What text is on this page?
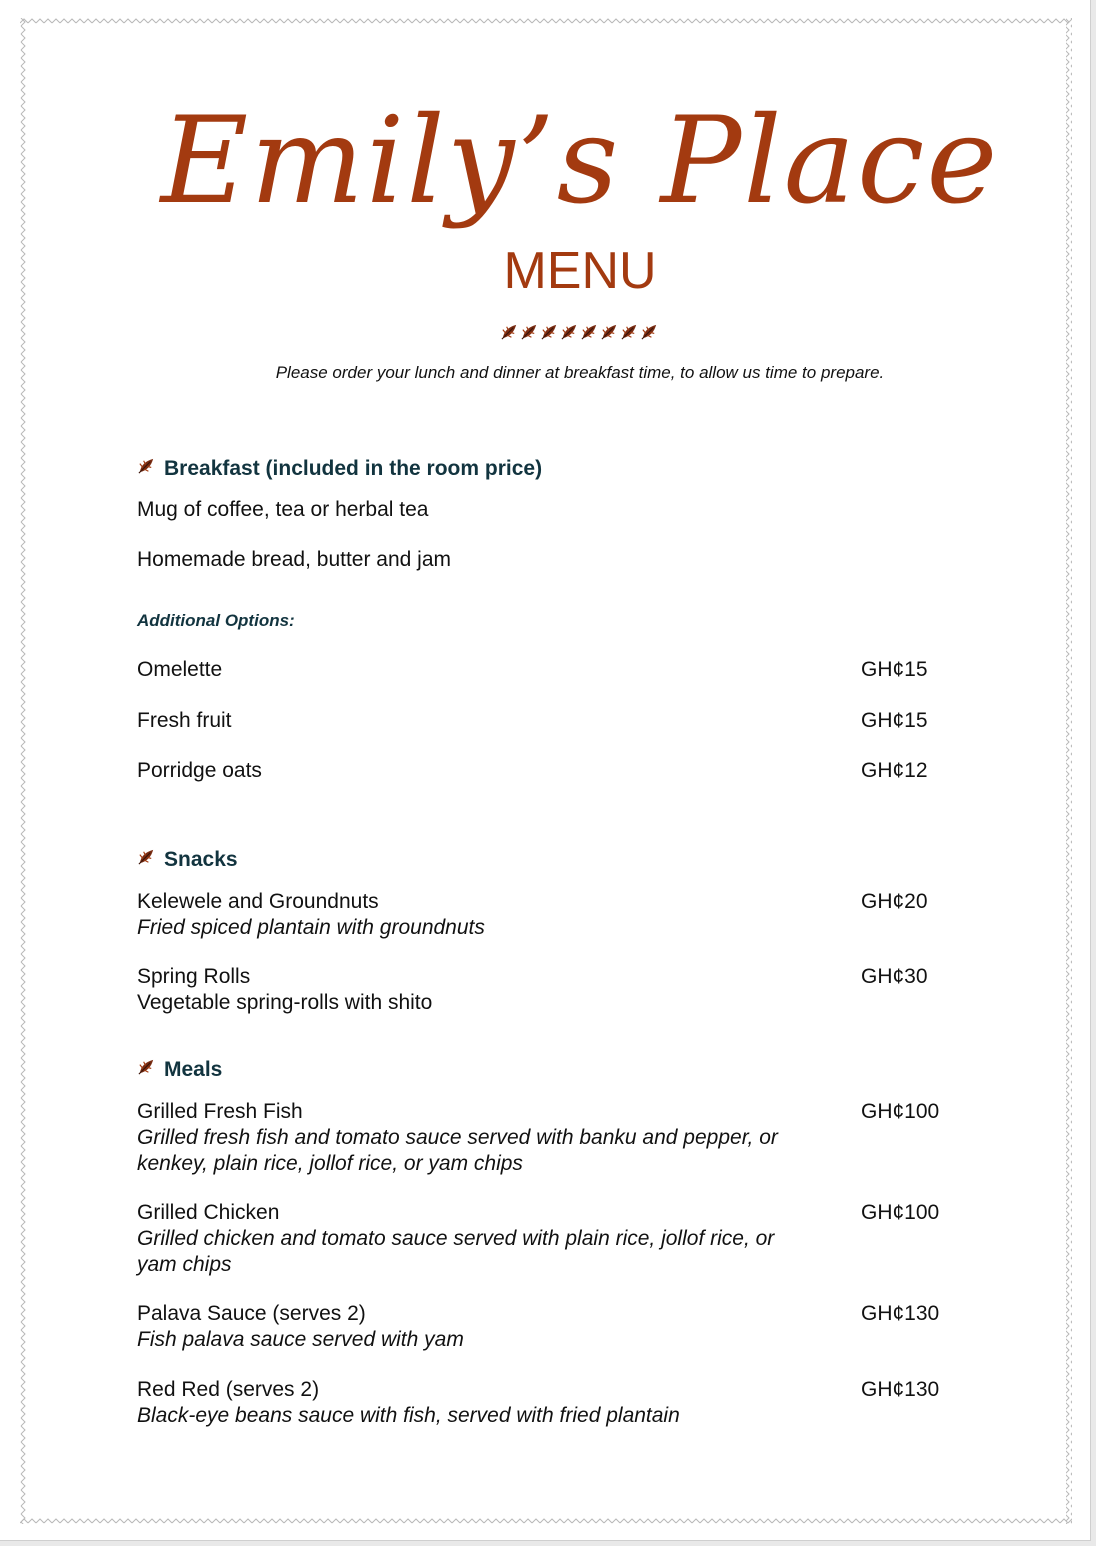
Emily’s Place
MENU
Please order your lunch and dinner at breakfast time, to allow us time to prepare.
Breakfast (included in the room price)
Mug of coffee, tea or herbal tea
Homemade bread, butter and jam
Additional Options:
Omelette	GH¢15
Fresh fruit	GH¢15
Porridge oats	GH¢12
Snacks
Kelewele and Groundnuts
Fried spiced plantain with groundnuts
GH¢20
Spring Rolls
Vegetable spring-rolls with shito
GH¢30
Meals
Grilled Fresh Fish
Grilled fresh fish and tomato sauce served with banku and pepper, or kenkey, plain rice, jollof rice, or yam chips
GH¢100
Grilled Chicken
Grilled chicken and tomato sauce served with plain rice, jollof rice, or yam chips
GH¢100
Palava Sauce (serves 2)
Fish palava sauce served with yam
GH¢130
Red Red (serves 2)
Black-eye beans sauce with fish, served with fried plantain
GH¢130
